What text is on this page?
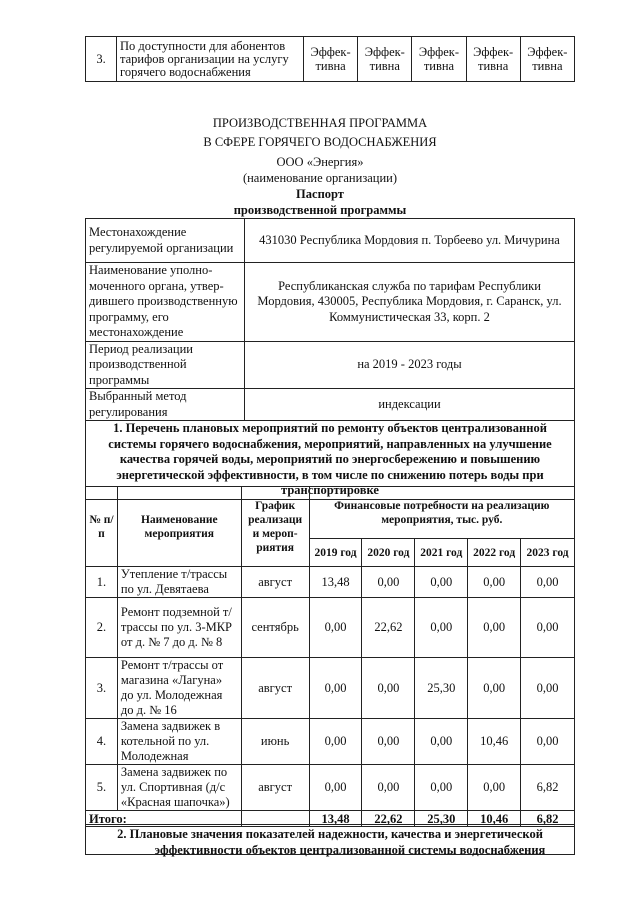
3.	По доступности для абонентов тарифов организации на услугу горячего водоснабжения	Эффек-тивна	Эффек-тивна	Эффек-тивна	Эффек-тивна	Эффек-тивна
ПРОИЗВОДСТВЕННАЯ ПРОГРАММА
В СФЕРЕ ГОРЯЧЕГО ВОДОСНАБЖЕНИЯ
ООО «Энергия»
(наименование организации)
Паспорт
производственной программы
Местонахождение регулируемой организации	431030 Республика Мордовия п. Торбеево ул. Мичурина
Наименование уполно-моченного органа, утвер-дившего производственную программу, его местонахождение	Республиканская служба по тарифам Республики Мордовия, 430005, Республика Мордовия, г. Саранск, ул. Коммунистическая 33, корп. 2
Период реализации производственной программы	на 2019 - 2023 годы
Выбранный метод регулирования	индексации
1. Перечень плановых мероприятий по ремонту объектов централизованной системы горячего водоснабжения, мероприятий, направленных на улучшение качества горячей воды, мероприятий по энергосбережению и повышению энергетической эффективности, в том числе по снижению потерь воды при транспортировке	
№ п/п	Наименование мероприятия	График реализаци и мероп-риятия	Финансовые потребности на реализацию мероприятия, тыс. руб.				
			2019 год	2020 год	2021 год	2022 год	2023 год
1.	Утепление т/трассы по ул. Девятаева	август	13,48	0,00	0,00	0,00	0,00
2.	Ремонт подземной т/трассы по ул. 3-МКР от д. № 7 до д. № 8	сентябрь	0,00	22,62	0,00	0,00	0,00
3.	Ремонт т/трассы от магазина «Лагуна» до ул. Молодежная до д. № 16	август	0,00	0,00	25,30	0,00	0,00
4.	Замена задвижек в котельной по ул. Молодежная	июнь	0,00	0,00	0,00	10,46	0,00
5.	Замена задвижек по ул. Спортивная (д/с «Красная шапочка»)	август	0,00	0,00	0,00	0,00	6,82
Итого:			13,48	22,62	25,30	10,46	6,82
2. Плановые значения показателей надежности, качества и энергетической
эффективности объектов централизованной системы водоснабжения
